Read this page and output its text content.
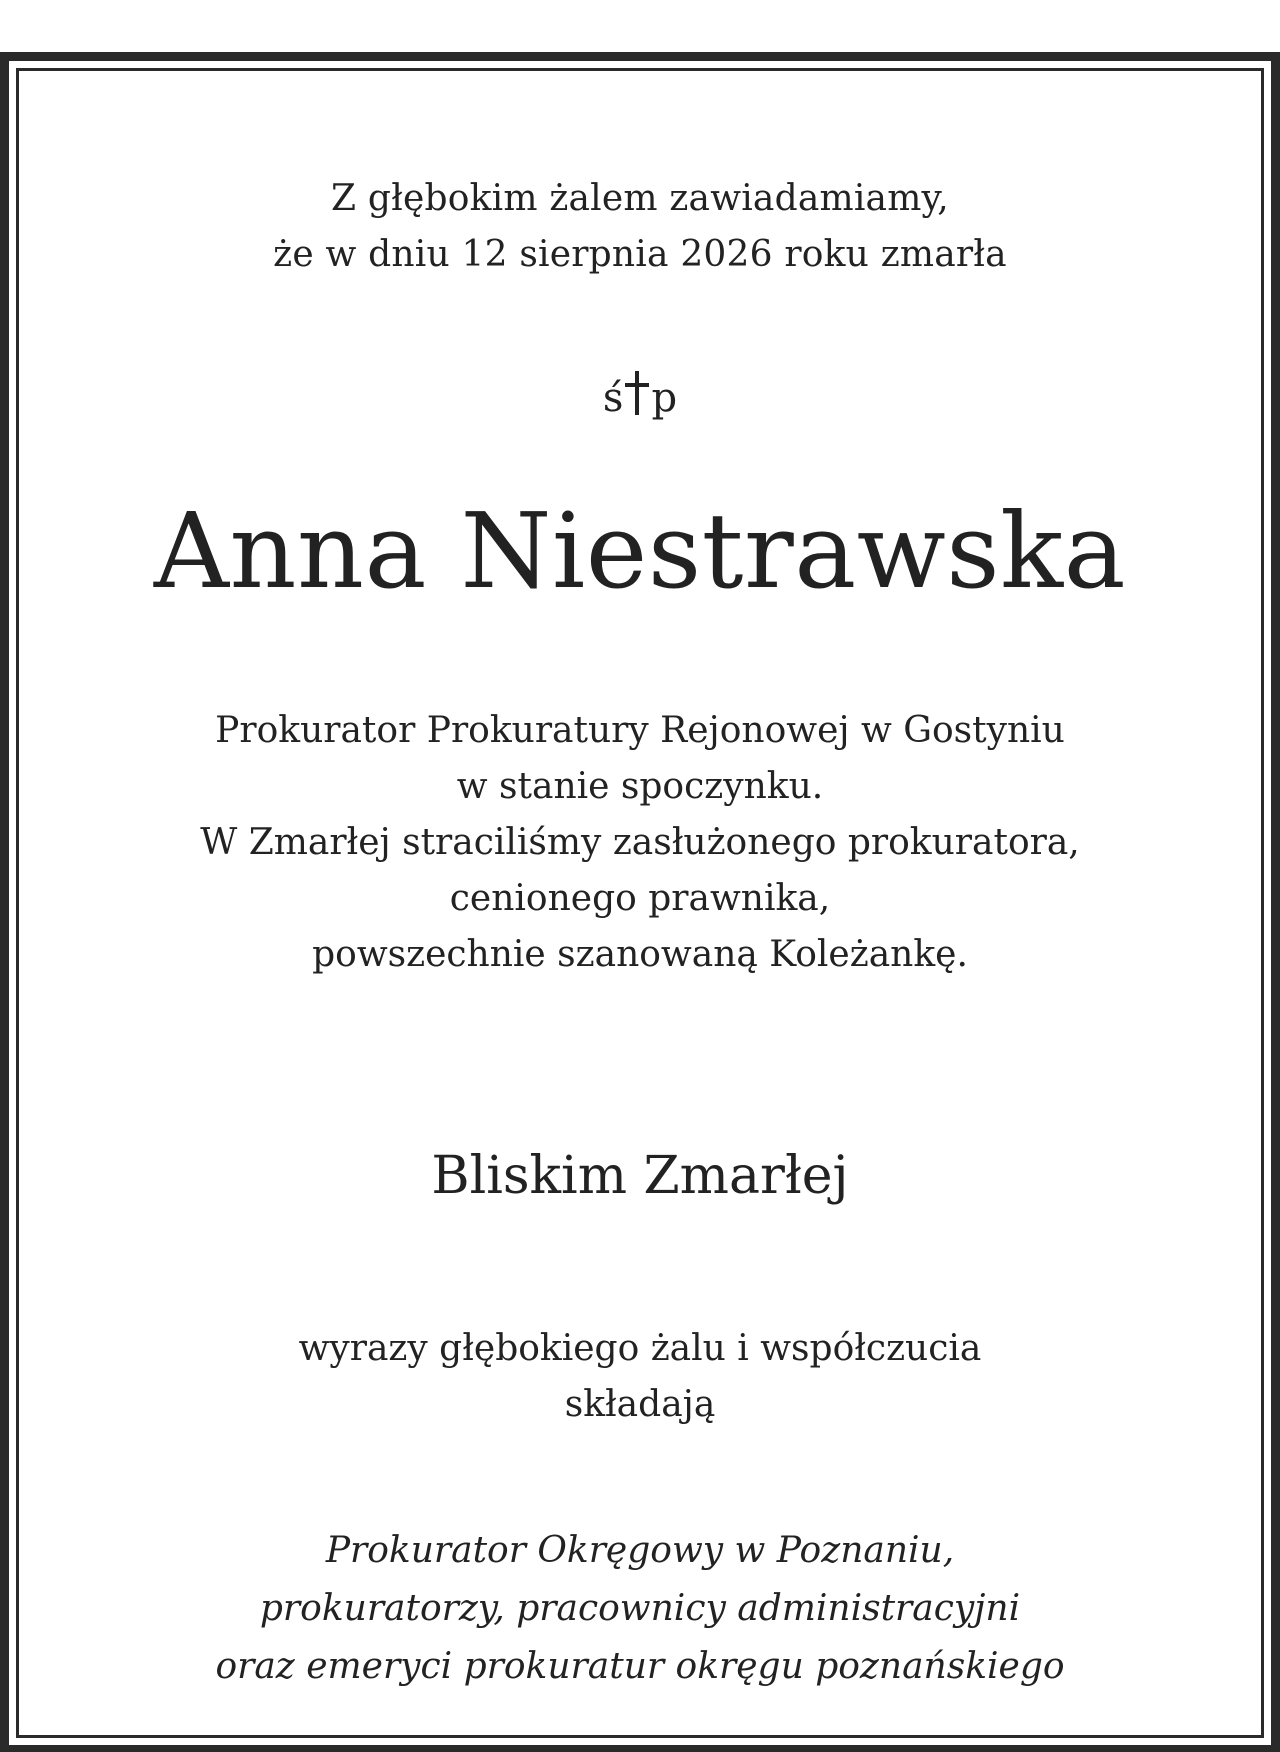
Z głębokim żalem zawiadamiamy,
że w dniu 12 sierpnia 2026 roku zmarła
ś p
Anna Niestrawska
Prokurator Prokuratury Rejonowej w Gostyniu
w stanie spoczynku.
W Zmarłej straciliśmy zasłużonego prokuratora,
cenionego prawnika,
powszechnie szanowaną Koleżankę.
Bliskim Zmarłej
wyrazy głębokiego żalu i współczucia
składają
Prokurator Okręgowy w Poznaniu,
prokuratorzy, pracownicy administracyjni
oraz emeryci prokuratur okręgu poznańskiego
